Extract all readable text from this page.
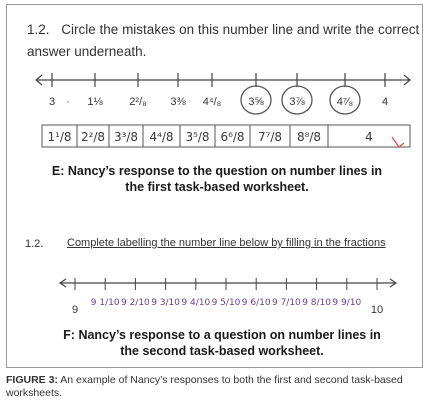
1.2. Circle the mistakes on this number line and write the correct answer underneath.
E: Nancy’s response to the question on number lines in the first task-based worksheet.
1.2. Complete labelling the number line below by filling in the fractions
F: Nancy’s response to a question on number lines in the second task-based worksheet.
3 · 1⅛ 2²/₈ 3⅜ 4⁴/₈ 3⅝ 3⅞	4⁷⁄₈	4
1¹/8 2²/8 3³/8 4⁴/8 3⁵/8 6⁶/8 7⁷/8 8⁸/8	4
9 1/10 9 2/10 9 3/10 9 4/10 9 5/10 9 6/10 9 7/10 9 8/10 9 9/10
9	10
FIGURE 3: An example of Nancy’s responses to both the first and second task-based worksheets.
